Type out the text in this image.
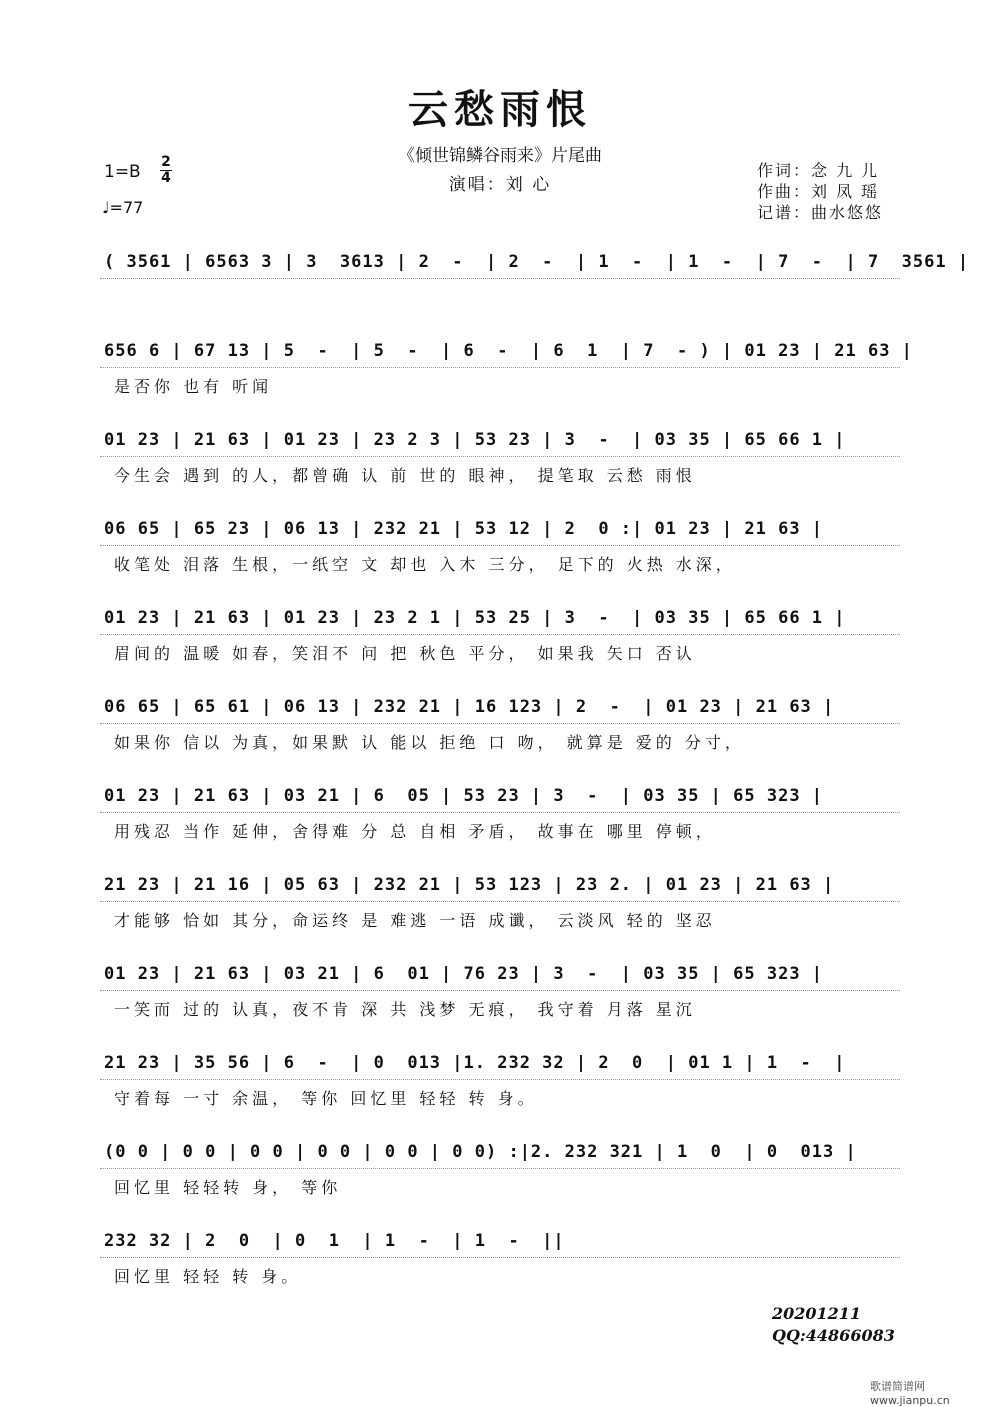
云愁雨恨
《倾世锦鳞谷雨来》片尾曲
演唱：刘 心
1=B 2
4
♩=77
作词：念 九 儿
作曲：刘 凤 瑶
记谱：曲水悠悠
( 3561 | 6563 3 | 3  3613 | 2  -  | 2  -  | 1  -  | 1  -  | 7  -  | 7  3561 |
656 6 | 67 13 | 5  -  | 5  -  | 6  -  | 6  1  | 7  - ) | 01 23 | 21 63 |
是否你 也有 听闻
01 23 | 21 63 | 01 23 | 23 2 3 | 53 23 | 3  -  | 03 35 | 65 66 1 |
今生会 遇到 的人，都曾确 认 前 世的 眼神， 提笔取 云愁 雨恨
06 65 | 65 23 | 06 13 | 232 21 | 53 12 | 2  0 :| 01 23 | 21 63 |
收笔处 泪落 生根，一纸空 文 却也 入木 三分， 足下的 火热 水深，
01 23 | 21 63 | 01 23 | 23 2 1 | 53 25 | 3  -  | 03 35 | 65 66 1 |
眉间的 温暖 如春，笑泪不 问 把 秋色 平分， 如果我 矢口 否认
06 65 | 65 61 | 06 13 | 232 21 | 16 123 | 2  -  | 01 23 | 21 63 |
如果你 信以 为真，如果默 认 能以 拒绝 口 吻， 就算是 爱的 分寸，
01 23 | 21 63 | 03 21 | 6  05 | 53 23 | 3  -  | 03 35 | 65 323 |
用残忍 当作 延伸，舍得难 分 总 自相 矛盾， 故事在 哪里 停顿，
21 23 | 21 16 | 05 63 | 232 21 | 53 123 | 23 2. | 01 23 | 21 63 |
才能够 恰如 其分，命运终 是 难逃 一语 成谶， 云淡风 轻的 坚忍
01 23 | 21 63 | 03 21 | 6  01 | 76 23 | 3  -  | 03 35 | 65 323 |
一笑而 过的 认真，夜不肯 深 共 浅梦 无痕， 我守着 月落 星沉
21 23 | 35 56 | 6  -  | 0  013 |1. 232 32 | 2  0  | 01 1 | 1  -  |
守着每 一寸 余温， 等你 回忆里 轻轻 转 身。
(0 0 | 0 0 | 0 0 | 0 0 | 0 0 | 0 0) :|2. 232 321 | 1  0  | 0  013 |
回忆里 轻轻转 身， 等你
232 32 | 2  0  | 0  1  | 1  -  | 1  -  ||
回忆里 轻轻 转 身。
20201211
QQ:44866083
歌谱简谱网 www.jianpu.cn
